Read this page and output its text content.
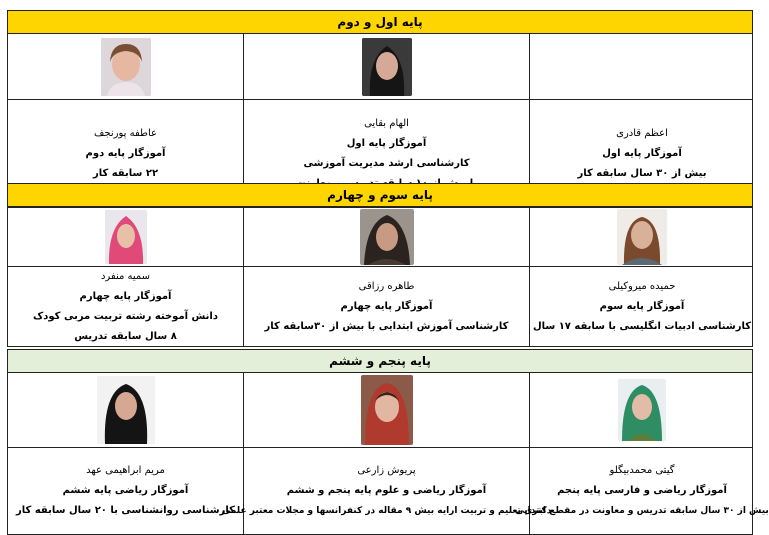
پایه اول و دوم
عاطفه پورنجف
آموزگار پایه دوم
۲۲ سابقه کار
الهام بقایی
آموزگار پایه اول
کارشناسی ارشد مدیریت آموزشی
اعظم قادری
آموزگار پایه اول
بیش از ۳۰ سال سابقه کار
پایه سوم و چهارم
سمیه منفرد
آموزگار پایه چهارم
دانش آموخته رشته تربیت مربی کودک
۸ سال سابقه تدریس
طاهره رزاقی
آموزگار پایه چهارم
کارشناسی آموزش ابتدایی با بیش از ۳۰سابقه کار
حمیده میروکیلی
آموزگار پایه سوم
کارشناسی ادبیات انگلیسی با سابقه ۱۷ سال
پایه پنجم و ششم
مریم ابراهیمی عهد
آموزگار ریاضی پایه ششم
کارشناسی روانشناسی با ۲۰ سال سابقه کار
پریوش زارعی
آموزگار ریاضی و علوم پایه پنجم و ششم
دکتری تعلیم و تربیت ارایه بیش ۹ مقاله در کنفرانسها و مجلات معتبر علمی
گیتی محمدبیگلو
آموزگار ریاضی و فارسی پایه پنجم
بیش از ۳۰ سال سابقه تدریس و معاونت در مقطع ابتدایی
